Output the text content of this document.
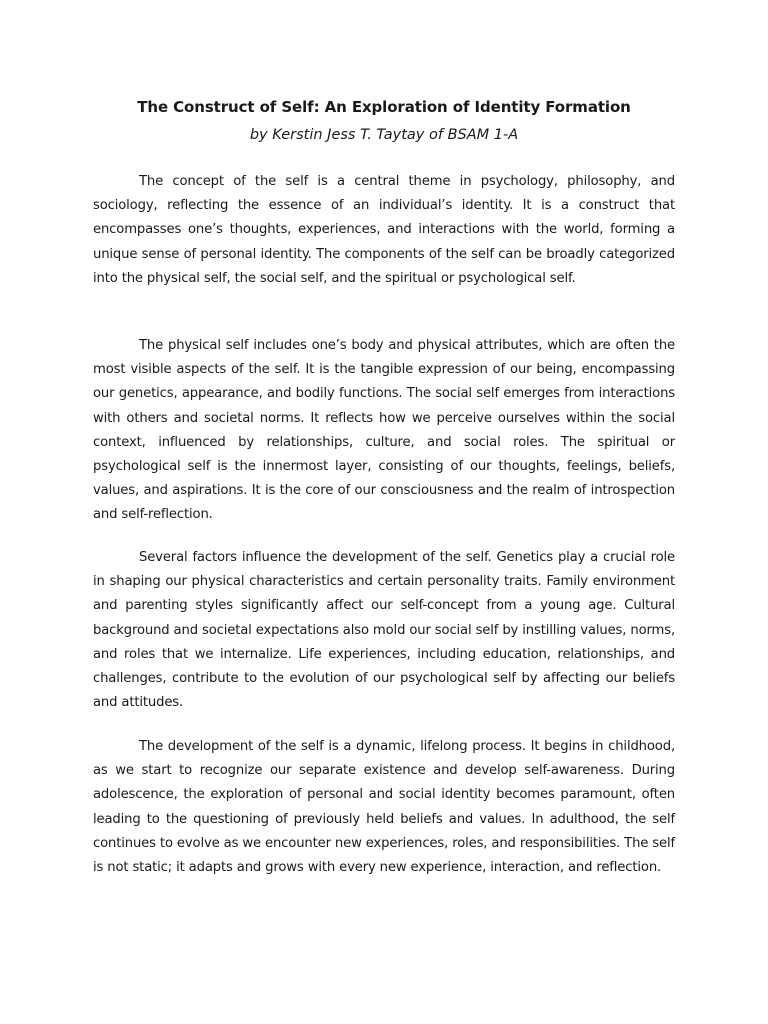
The Construct of Self: An Exploration of Identity Formation

by Kerstin Jess T. Taytay of BSAM 1-A

The concept of the self is a central theme in psychology, philosophy, and sociology, reflecting the essence of an individual’s identity. It is a construct that encompasses one’s thoughts, experiences, and interactions with the world, forming a unique sense of personal identity. The components of the self can be broadly categorized into the physical self, the social self, and the spiritual or psychological self.

The physical self includes one’s body and physical attributes, which are often the most visible aspects of the self. It is the tangible expression of our being, encompassing our genetics, appearance, and bodily functions. The social self emerges from interactions with others and societal norms. It reflects how we perceive ourselves within the social context, influenced by relationships, culture, and social roles. The spiritual or psychological self is the innermost layer, consisting of our thoughts, feelings, beliefs, values, and aspirations. It is the core of our consciousness and the realm of introspection and self-reflection.

Several factors influence the development of the self. Genetics play a crucial role in shaping our physical characteristics and certain personality traits. Family environment and parenting styles significantly affect our self-concept from a young age. Cultural background and societal expectations also mold our social self by instilling values, norms, and roles that we internalize. Life experiences, including education, relationships, and challenges, contribute to the evolution of our psychological self by affecting our beliefs and attitudes.

The development of the self is a dynamic, lifelong process. It begins in childhood, as we start to recognize our separate existence and develop self-awareness. During adolescence, the exploration of personal and social identity becomes paramount, often leading to the questioning of previously held beliefs and values. In adulthood, the self continues to evolve as we encounter new experiences, roles, and responsibilities. The self is not static; it adapts and grows with every new experience, interaction, and reflection.
